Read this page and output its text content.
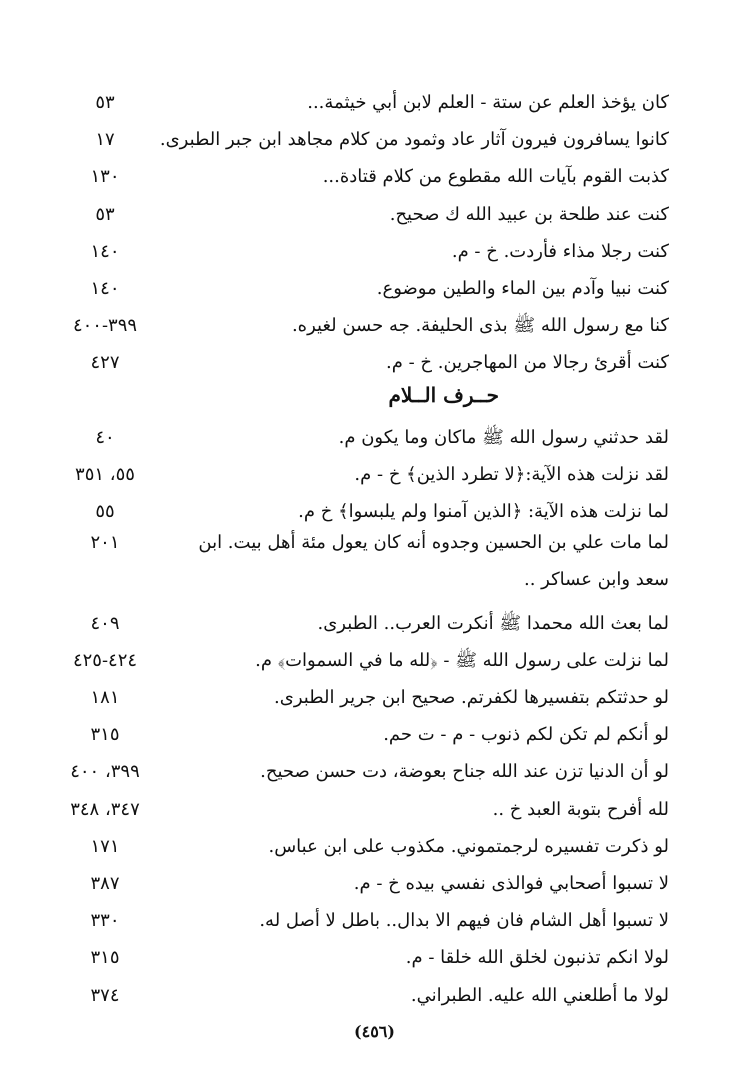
كان يؤخذ العلم عن ستة - العلم لابن أبي خيثمة...
٥٣
كانوا يسافرون فيرون آثار عاد وثمود من كلام مجاهد ابن جبر الطبرى.
١٧
كذبت القوم بآيات الله مقطوع من كلام قتادة...
١٣٠
كنت عند طلحة بن عبيد الله ك صحيح.
٥٣
كنت رجلا مذاء فأردت. خ - م.
١٤٠
كنت نبيا وآدم بين الماء والطين موضوع.
١٤٠
كنا مع رسول الله ﷺ بذى الحليفة. جه حسن لغيره.
٣٩٩-٤٠٠
كنت أقرئ رجالا من المهاجرين. خ - م.
٤٢٧
حــرف الــلام
لقد حدثني رسول الله ﷺ ماكان وما يكون م.
٤٠
لقد نزلت هذه الآية:﴿لا تطرد الذين﴾ خ - م.
٥٥، ٣٥١
لما نزلت هذه الآية: ﴿الذين آمنوا ولم يلبسوا﴾ خ م.
٥٥
لما مات علي بن الحسين وجدوه أنه كان يعول مئة أهل بيت. ابن سعد وابن عساكر ..
٢٠١
لما بعث الله محمدا ﷺ أنكرت العرب.. الطبرى.
٤٠٩
لما نزلت على رسول الله ﷺ - ﴿لله ما في السموات﴾ م.
٤٢٤-٤٢٥
لو حدثتكم بتفسيرها لكفرتم. صحيح ابن جرير الطبرى.
١٨١
لو أنكم لم تكن لكم ذنوب - م - ت حم.
٣١٥
لو أن الدنيا تزن عند الله جناح بعوضة، دت حسن صحيح.
٣٩٩، ٤٠٠
لله أفرح بتوبة العبد خ ..
٣٤٧، ٣٤٨
لو ذكرت تفسيره لرجمتموني. مكذوب على ابن عباس.
١٧١
لا تسبوا أصحابي فوالذى نفسي بيده خ - م.
٣٨٧
لا تسبوا أهل الشام فان فيهم الا بدال.. باطل لا أصل له.
٣٣٠
لولا انكم تذنبون لخلق الله خلقا - م.
٣١٥
لولا ما أطلعني الله عليه. الطبراني.
٣٧٤
(٤٥٦)
